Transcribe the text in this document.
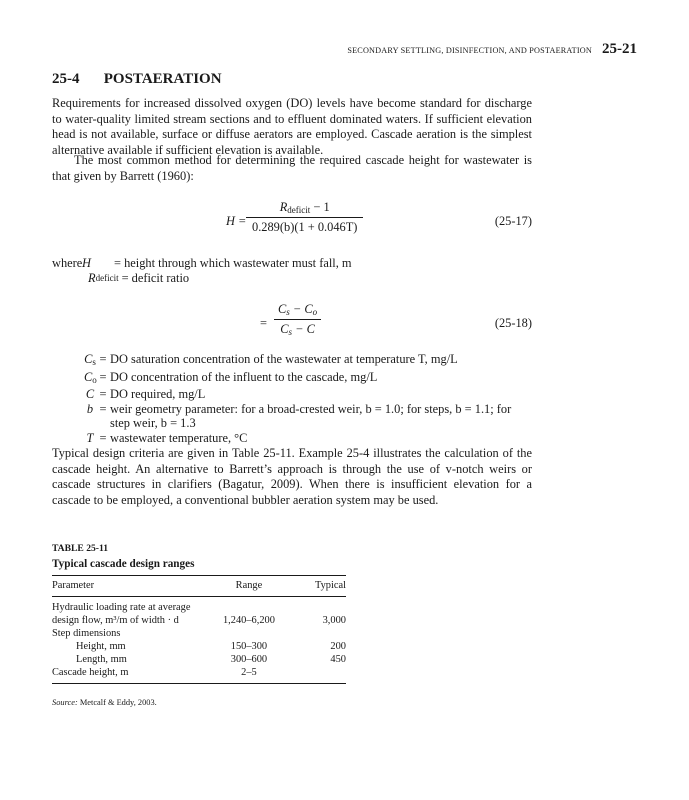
SECONDARY SETTLING, DISINFECTION, AND POSTAERATION 25-21
25-4 POSTAERATION

Requirements for increased dissolved oxygen (DO) levels have become standard for discharge to water-quality limited stream sections and to effluent dominated waters. If sufficient elevation head is not available, surface or diffuse aerators are employed. Cascade aeration is the simplest alternative available if sufficient elevation is available.

The most common method for determining the required cascade height for wastewater is that given by Barrett (1960):

H =
$R_{deficit} - 1$
0.289(b)(1 + 0.046T)	(25-17)
where H	= height through which wastewater must fall, m
R deficit = deficit ratio
= $\frac{C_s - C_o}{C_s - C}$	(25-18)
$C_s$ = DO saturation concentration of the wastewater at temperature T, mg/L
$C_o$ = DO concentration of the influent to the cascade, mg/L
C = DO required, mg/L
b = weir geometry parameter: for a broad-crested weir, b = 1.0; for steps, b = 1.1; for step weir, b = 1.3
T = wastewater temperature, °C

Typical design criteria are given in Table 25-11. Example 25-4 illustrates the calculation of the cascade height. An alternative to Barrett’s approach is through the use of v-notch weirs or cascade structures in clarifiers (Bagatur, 2009). When there is insufficient elevation for a cascade to be employed, a conventional bubbler aeration system may be used.

TABLE 25-11
Typical cascade design ranges
Parameter	Range	Typical
Hydraulic loading rate at average		
design flow, m³/m of width · d	1,240–6,200	3,000
Step dimensions		
Height, mm	150–300	200
Length, mm	300–600	450
Cascade height, m	2–5	
Source: Metcalf & Eddy, 2003.
